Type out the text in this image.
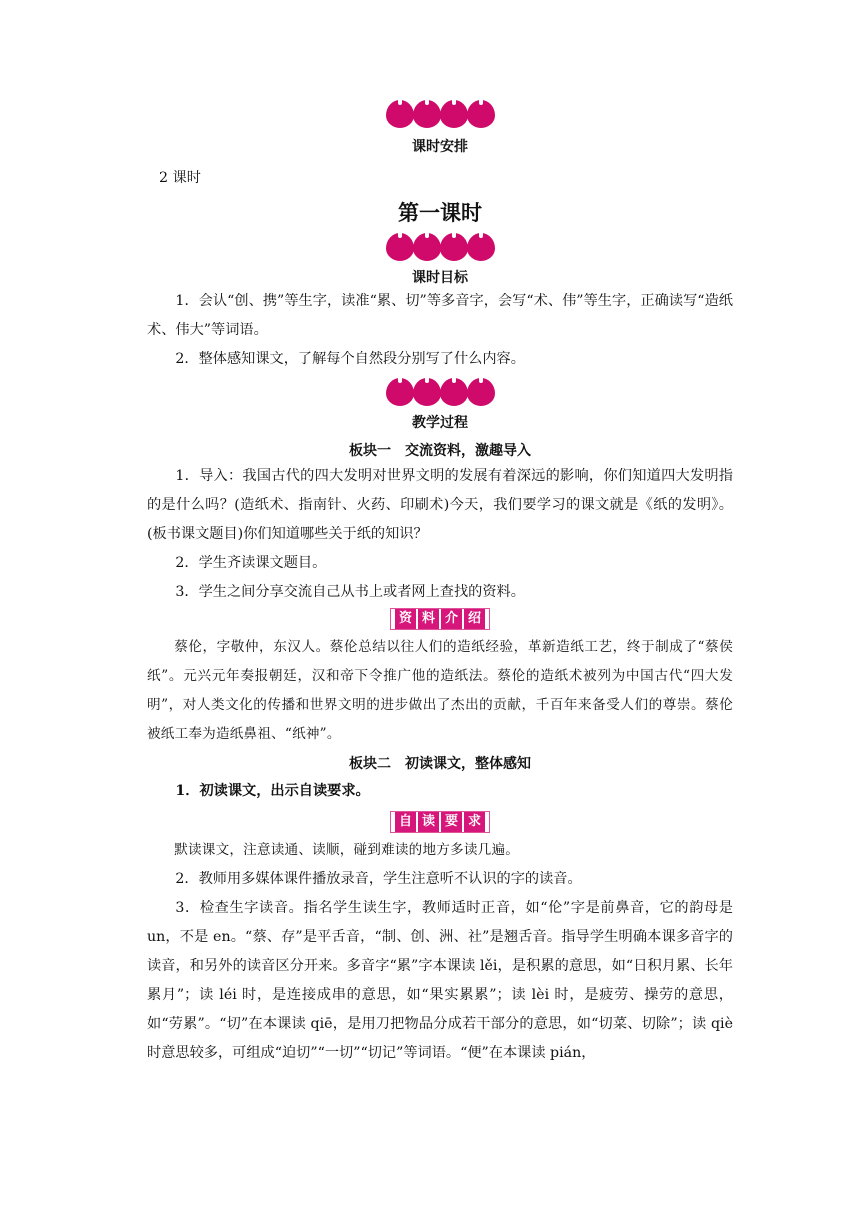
课时安排

2 课时

第一课时
课时目标

1．会认“创、携”等生字，读准“累、切”等多音字，会写“术、伟”等生字，正确读写“造纸术、伟大”等词语。

2．整体感知课文，了解每个自然段分别写了什么内容。

教学过程
板块一　交流资料，激趣导入

1．导入：我国古代的四大发明对世界文明的发展有着深远的影响，你们知道四大发明指的是什么吗？(造纸术、指南针、火药、印刷术)今天，我们要学习的课文就是《纸的发明》。(板书课文题目)你们知道哪些关于纸的知识？

2．学生齐读课文题目。

3．学生之间分享交流自己从书上或者网上查找的资料。

资 料 介 绍

蔡伦，字敬仲，东汉人。蔡伦总结以往人们的造纸经验，革新造纸工艺，终于制成了“蔡侯纸”。元兴元年奏报朝廷，汉和帝下令推广他的造纸法。蔡伦的造纸术被列为中国古代“四大发明”，对人类文化的传播和世界文明的进步做出了杰出的贡献，千百年来备受人们的尊崇。蔡伦被纸工奉为造纸鼻祖、“纸神”。

板块二　初读课文，整体感知

1．初读课文，出示自读要求。

自 读 要 求

默读课文，注意读通、读顺，碰到难读的地方多读几遍。

2．教师用多媒体课件播放录音，学生注意听不认识的字的读音。

3．检查生字读音。指名学生读生字，教师适时正音，如“伦”字是前鼻音，它的韵母是 un，不是 en。“蔡、存”是平舌音，“制、创、洲、社”是翘舌音。指导学生明确本课多音字的读音，和另外的读音区分开来。多音字“累”字本课读 lěi，是积累的意思，如“日积月累、长年累月”；读 léi 时，是连接成串的意思，如“果实累累”；读 lèi 时，是疲劳、操劳的意思，如“劳累”。“切”在本课读 qiē，是用刀把物品分成若干部分的意思，如“切菜、切除”；读 qiè时意思较多，可组成“迫切”“一切”“切记”等词语。“便”在本课读 pián，
